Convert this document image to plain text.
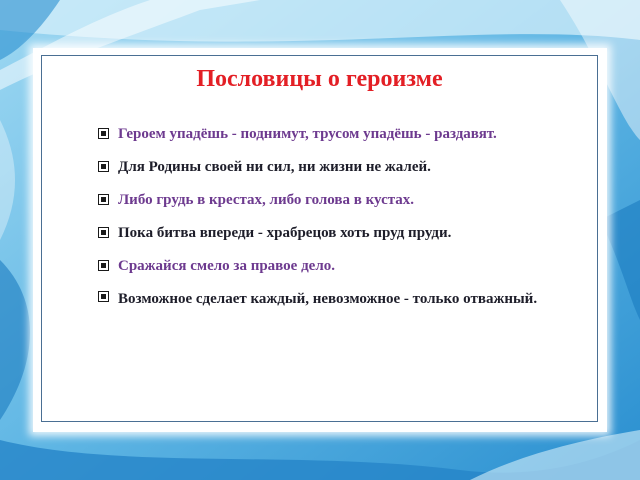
Пословицы о героизме
Героем упадёшь - поднимут, трусом упадёшь - раздавят.
Для Родины своей ни сил, ни жизни не жалей.
Либо грудь в крестах, либо голова в кустах.
Пока битва впереди - храбрецов хоть пруд пруди.
Сражайся смело за правое дело.
Возможное сделает каждый, невозможное - только отважный.
